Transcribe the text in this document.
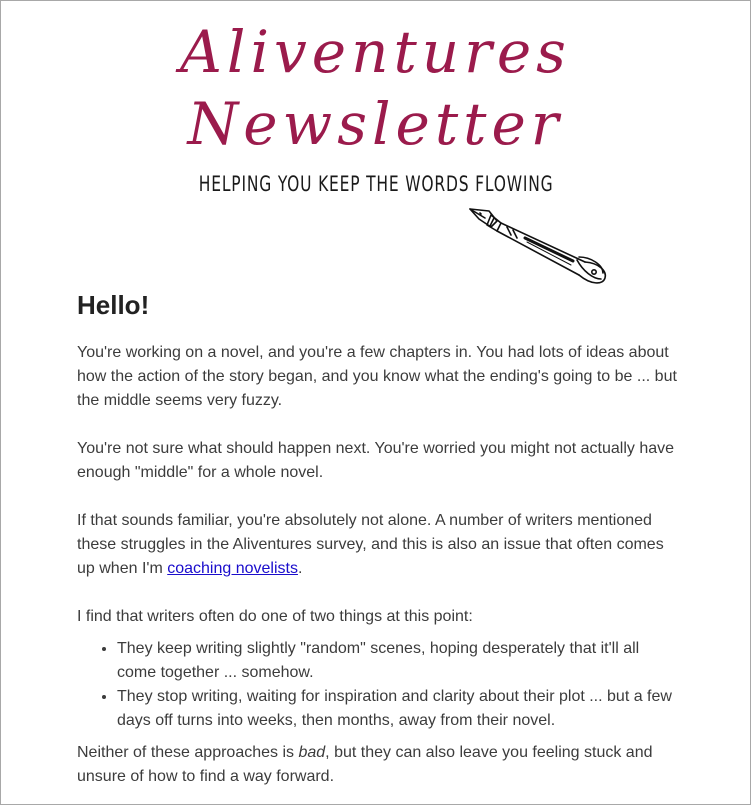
Aliventures
Newsletter
HELPING YOU KEEP THE WORDS FLOWING
Hello!

You're working on a novel, and you're a few chapters in. You had lots of ideas about how the action of the story began, and you know what the ending's going to be ... but the middle seems very fuzzy.

You're not sure what should happen next. You're worried you might not actually have enough "middle" for a whole novel.

If that sounds familiar, you're absolutely not alone. A number of writers mentioned these struggles in the Aliventures survey, and this is also an issue that often comes up when I'm coaching novelists.

I find that writers often do one of two things at this point:

• They keep writing slightly "random" scenes, hoping desperately that it'll all come together ... somehow.
• They stop writing, waiting for inspiration and clarity about their plot ... but a few days off turns into weeks, then months, away from their novel.

Neither of these approaches is bad, but they can also leave you feeling stuck and unsure of how to find a way forward.
